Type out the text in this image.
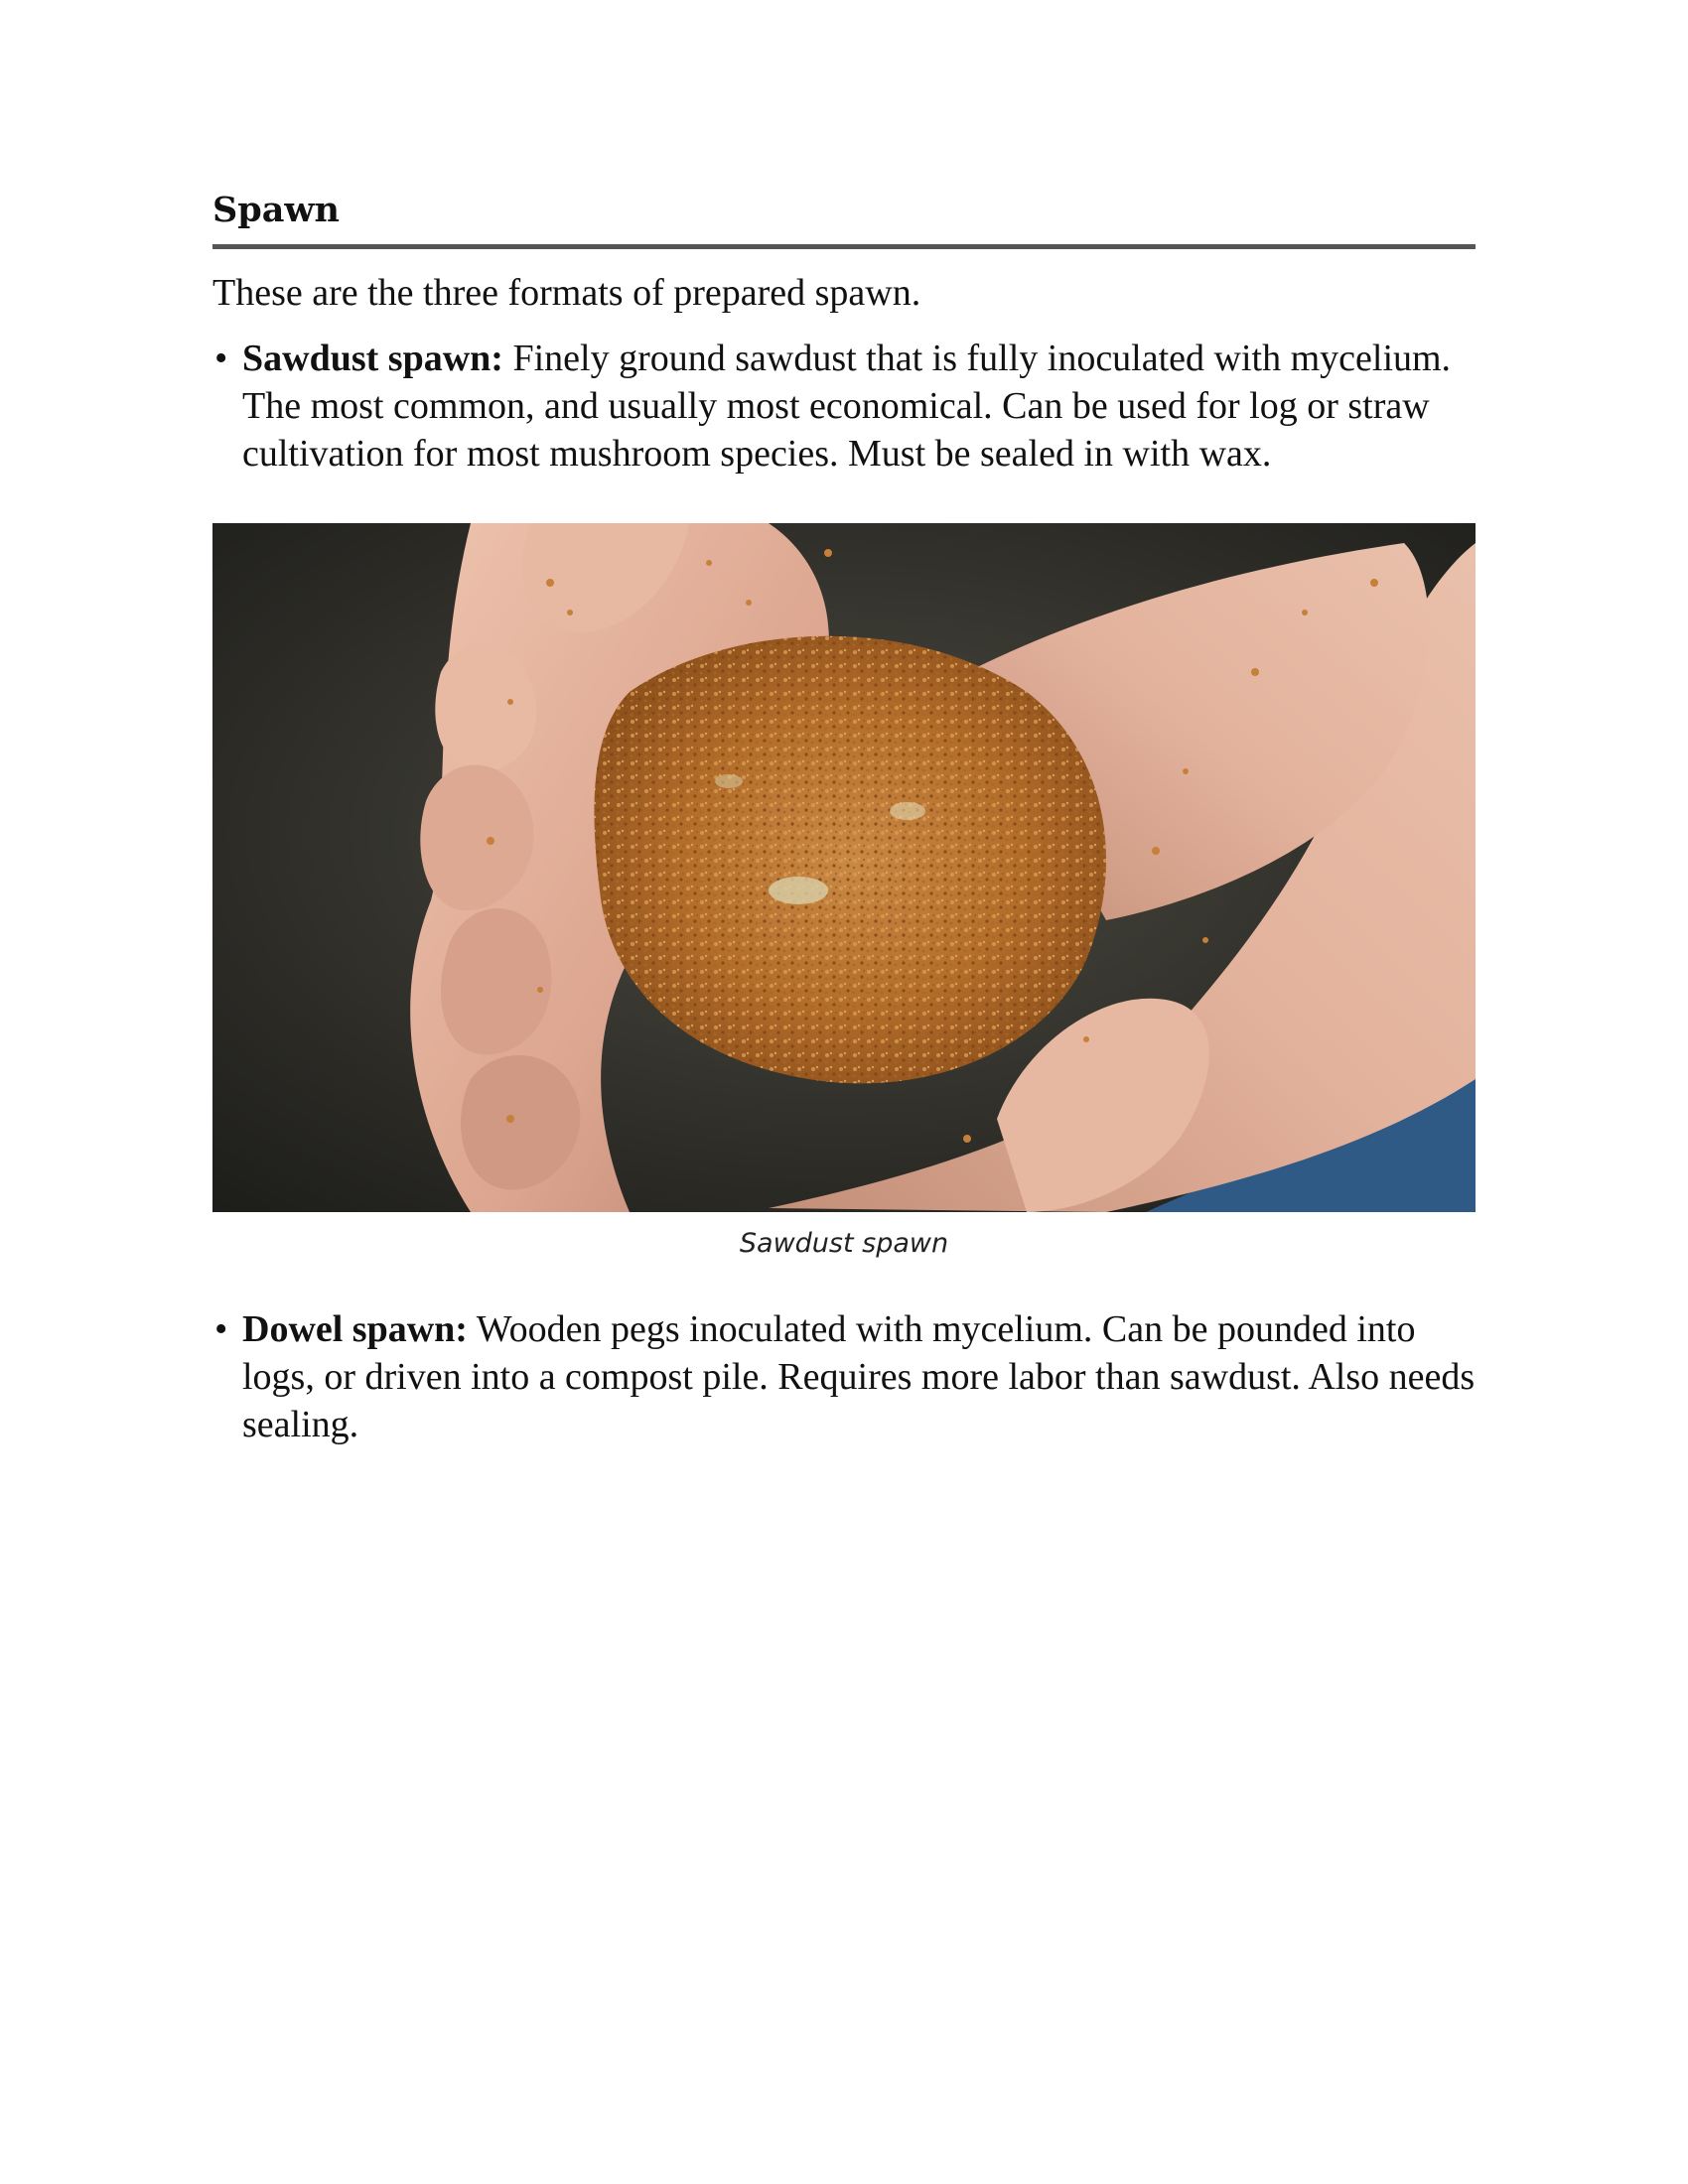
Spawn

These are the three formats of prepared spawn.

• Sawdust spawn: Finely ground sawdust that is fully inoculated with mycelium. The most common, and usually most economical. Can be used for log or straw cultivation for most mushroom species. Must be sealed in with wax.

Sawdust spawn

• Dowel spawn: Wooden pegs inoculated with mycelium. Can be pounded into logs, or driven into a compost pile. Requires more labor than sawdust. Also needs sealing.
